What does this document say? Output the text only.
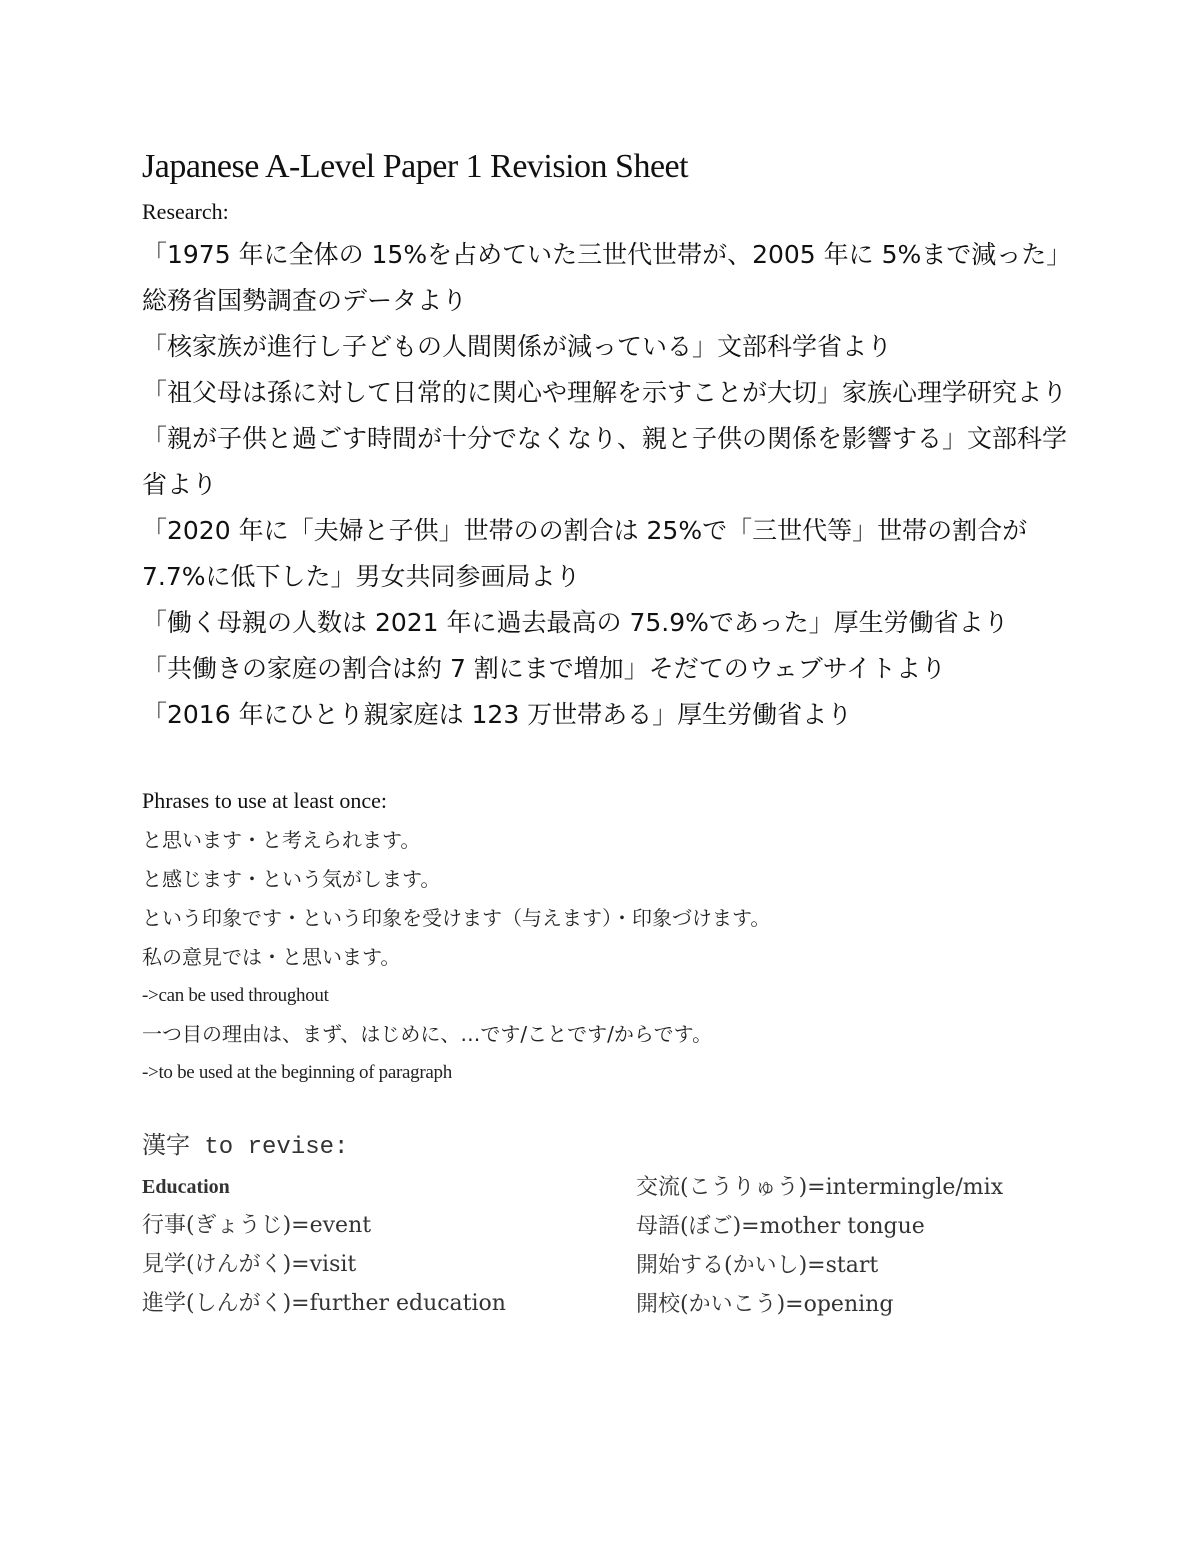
Japanese A-Level Paper 1 Revision Sheet

Research:

「1975 年に全体の 15%を占めていた三世代世帯が、2005 年に 5%まで減った」総務省国勢調査のデータより
「核家族が進行し子どもの人間関係が減っている」文部科学省より
「祖父母は孫に対して日常的に関心や理解を示すことが大切」家族心理学研究より
「親が子供と過ごす時間が十分でなくなり、親と子供の関係を影響する」文部科学省より
「2020 年に「夫婦と子供」世帯のの割合は 25%で「三世代等」世帯の割合が 7.7%に低下した」男女共同参画局より
「働く母親の人数は 2021 年に過去最高の 75.9%であった」厚生労働省より
「共働きの家庭の割合は約 7 割にまで増加」そだてのウェブサイトより
「2016 年にひとり親家庭は 123 万世帯ある」厚生労働省より

Phrases to use at least once:

と思います・と考えられます。
と感じます・という気がします。
という印象です・という印象を受けます（与えます）・印象づけます。
私の意見では・と思います。
->can be used throughout
一つ目の理由は、まず、はじめに、…です/ことです/からです。
->to be used at the beginning of paragraph

漢字 to revise:

Education
行事(ぎょうじ)=event
見学(けんがく)=visit
進学(しんがく)=further education
交流(こうりゅう)=intermingle/mix
母語(ぼご)=mother tongue
開始する(かいし)=start
開校(かいこう)=opening
